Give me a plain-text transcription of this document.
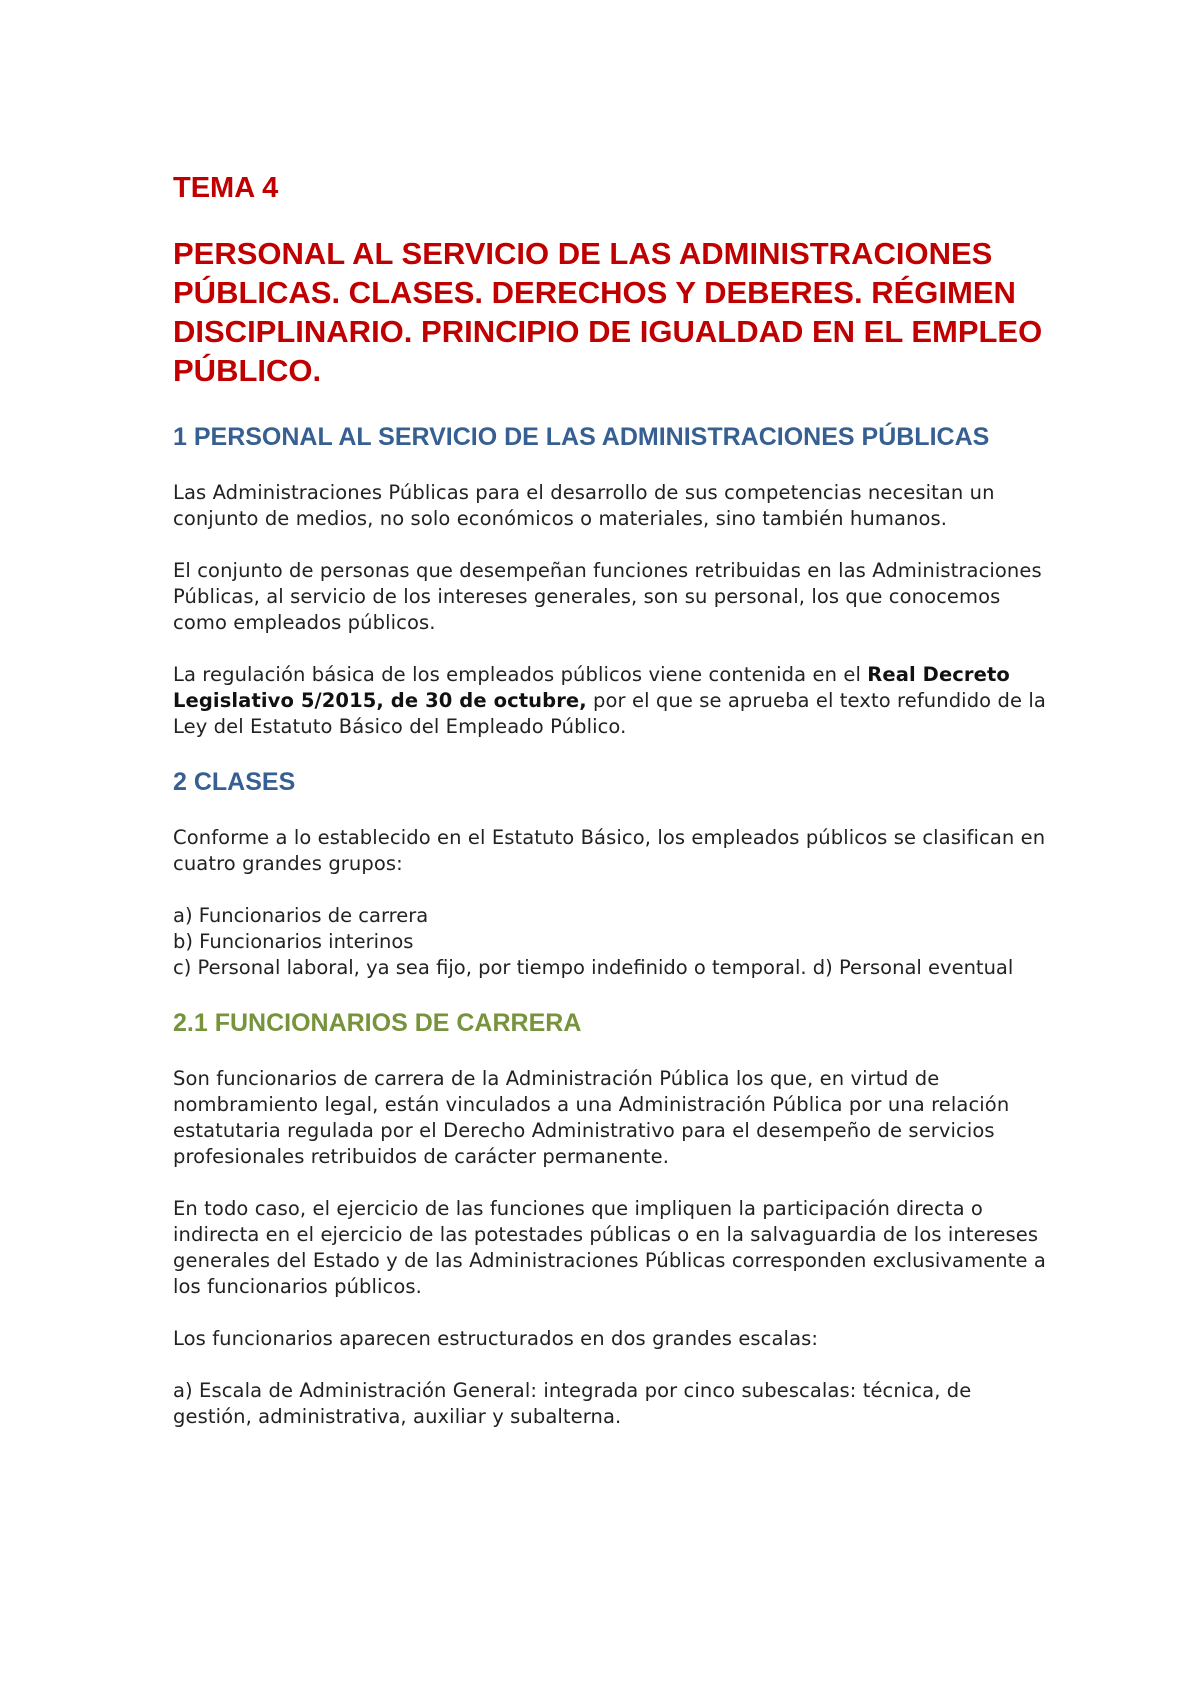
TEMA 4
PERSONAL AL SERVICIO DE LAS ADMINISTRACIONES PÚBLICAS. CLASES. DERECHOS Y DEBERES. RÉGIMEN DISCIPLINARIO. PRINCIPIO DE IGUALDAD EN EL EMPLEO PÚBLICO.
1 PERSONAL AL SERVICIO DE LAS ADMINISTRACIONES PÚBLICAS

Las Administraciones Públicas para el desarrollo de sus competencias necesitan un conjunto de medios, no solo económicos o materiales, sino también humanos.

El conjunto de personas que desempeñan funciones retribuidas en las Administraciones Públicas, al servicio de los intereses generales, son su personal, los que conocemos como empleados públicos.

La regulación básica de los empleados públicos viene contenida en el Real Decreto Legislativo 5/2015, de 30 de octubre, por el que se aprueba el texto refundido de la Ley del Estatuto Básico del Empleado Público.

2 CLASES

Conforme a lo establecido en el Estatuto Básico, los empleados públicos se clasifican en cuatro grandes grupos:

a) Funcionarios de carrera
b) Funcionarios interinos
c) Personal laboral, ya sea fijo, por tiempo indefinido o temporal. d) Personal eventual
2.1 FUNCIONARIOS DE CARRERA

Son funcionarios de carrera de la Administración Pública los que, en virtud de nombramiento legal, están vinculados a una Administración Pública por una relación estatutaria regulada por el Derecho Administrativo para el desempeño de servicios profesionales retribuidos de carácter permanente.

En todo caso, el ejercicio de las funciones que impliquen la participación directa o indirecta en el ejercicio de las potestades públicas o en la salvaguardia de los intereses generales del Estado y de las Administraciones Públicas corresponden exclusivamente a los funcionarios públicos.

Los funcionarios aparecen estructurados en dos grandes escalas:

a) Escala de Administración General: integrada por cinco subescalas: técnica, de gestión, administrativa, auxiliar y subalterna.
